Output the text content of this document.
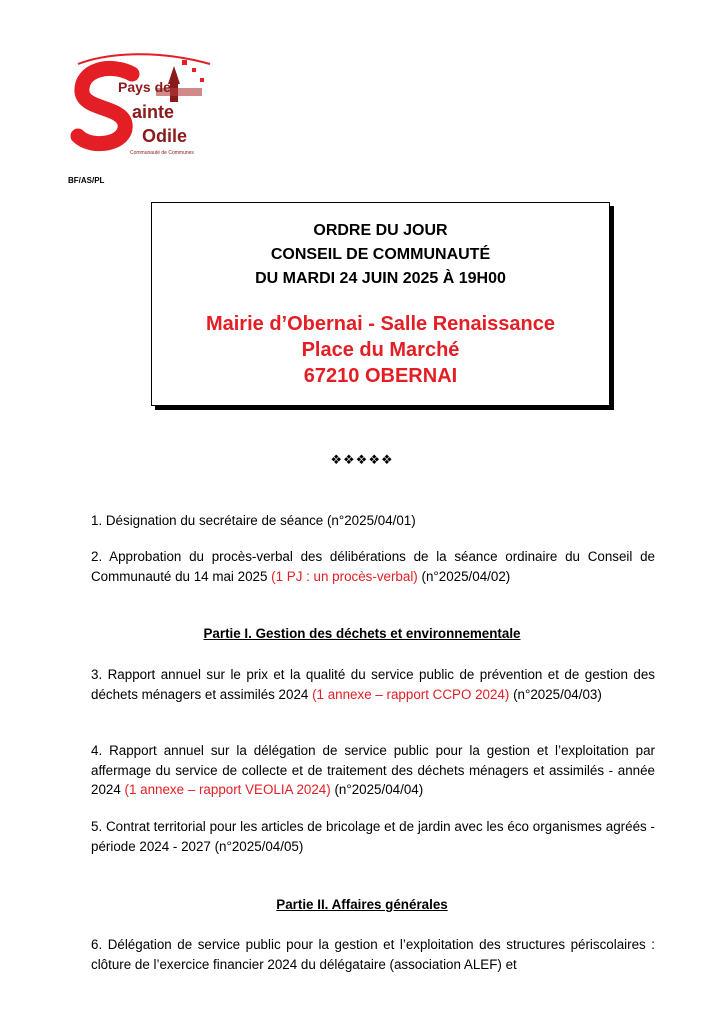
Pays de
ainte
Odile
Communauté de Communes
BF/AS/PL
ORDRE DU JOUR
CONSEIL DE COMMUNAUTÉ
DU MARDI 24 JUIN 2025 À 19H00
Mairie d’Obernai - Salle Renaissance
Place du Marché
67210 OBERNAI
❖❖❖❖❖
1. Désignation du secrétaire de séance (n°2025/04/01)
2. Approbation du procès-verbal des délibérations de la séance ordinaire du Conseil de Communauté du 14 mai 2025 (1 PJ : un procès-verbal) (n°2025/04/02)
Partie I. Gestion des déchets et environnementale
3. Rapport annuel sur le prix et la qualité du service public de prévention et de gestion des déchets ménagers et assimilés 2024 (1 annexe – rapport CCPO 2024) (n°2025/04/03)
4. Rapport annuel sur la délégation de service public pour la gestion et l’exploitation par affermage du service de collecte et de traitement des déchets ménagers et assimilés - année 2024 (1 annexe – rapport VEOLIA 2024) (n°2025/04/04)
5. Contrat territorial pour les articles de bricolage et de jardin avec les éco organismes agréés - période 2024 - 2027 (n°2025/04/05)
Partie II. Affaires générales
6. Délégation de service public pour la gestion et l’exploitation des structures périscolaires : clôture de l’exercice financier 2024 du délégataire (association ALEF) et
